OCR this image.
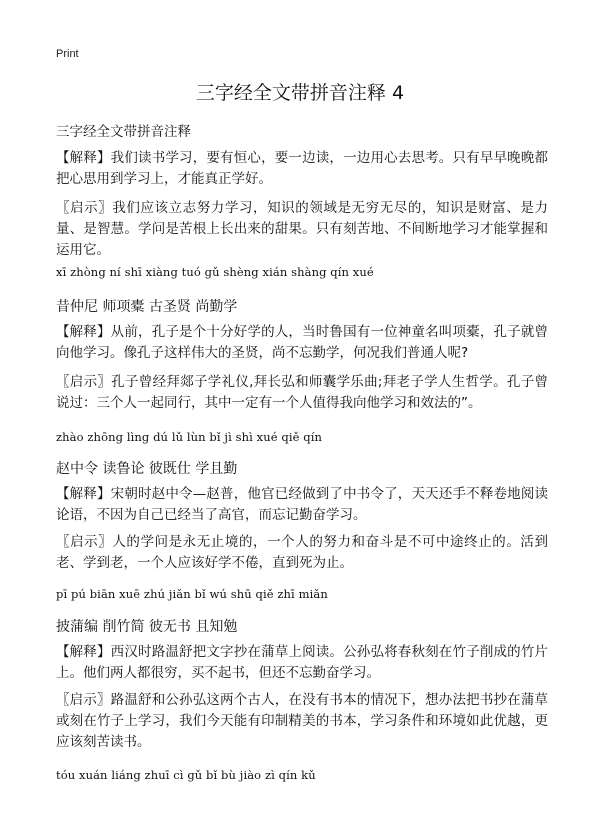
Print
三字经全文带拼音注释 4
三字经全文带拼音注释
【解释】我们读书学习，要有恒心，要一边读，一边用心去思考。只有早早晚晚都把心思用到学习上，才能真正学好。
〖启示〗我们应该立志努力学习，知识的领域是无穷无尽的，知识是财富、是力量、是智慧。学问是苦根上长出来的甜果。只有刻苦地、不间断地学习才能掌握和运用它。
xī zhòng ní shī xiàng tuó gǔ shèng xián shàng qín xué
昔仲尼 师项橐 古圣贤 尚勤学
【解释】从前，孔子是个十分好学的人，当时鲁国有一位神童名叫项橐，孔子就曾向他学习。像孔子这样伟大的圣贤，尚不忘勤学，何况我们普通人呢?
〖启示〗孔子曾经拜郯子学礼仪,拜长弘和师囊学乐曲;拜老子学人生哲学。孔子曾说过：三个人一起同行，其中一定有一个人值得我向他学习和效法的”。
zhào zhōng lìng dú lǔ lùn bǐ jì shì xué qiě qín
赵中令 读鲁论 彼既仕 学且勤
【解释】宋朝时赵中令—赵普，他官已经做到了中书令了，天天还手不释卷地阅读论语，不因为自己已经当了高官，而忘记勤奋学习。
〖启示〗人的学问是永无止境的，一个人的努力和奋斗是不可中途终止的。活到老、学到老，一个人应该好学不倦，直到死为止。
pī pú biān xuē zhú jiǎn bǐ wú shū qiě zhī miǎn
披蒲编 削竹简 彼无书 且知勉
【解释】西汉时路温舒把文字抄在蒲草上阅读。公孙弘将春秋刻在竹子削成的竹片上。他们两人都很穷，买不起书，但还不忘勤奋学习。
〖启示〗路温舒和公孙弘这两个古人，在没有书本的情况下，想办法把书抄在蒲草或刻在竹子上学习，我们今天能有印制精美的书本，学习条件和环境如此优越，更应该刻苦读书。
tóu xuán liáng zhuī cì gǔ bǐ bù jiào zì qín kǔ
